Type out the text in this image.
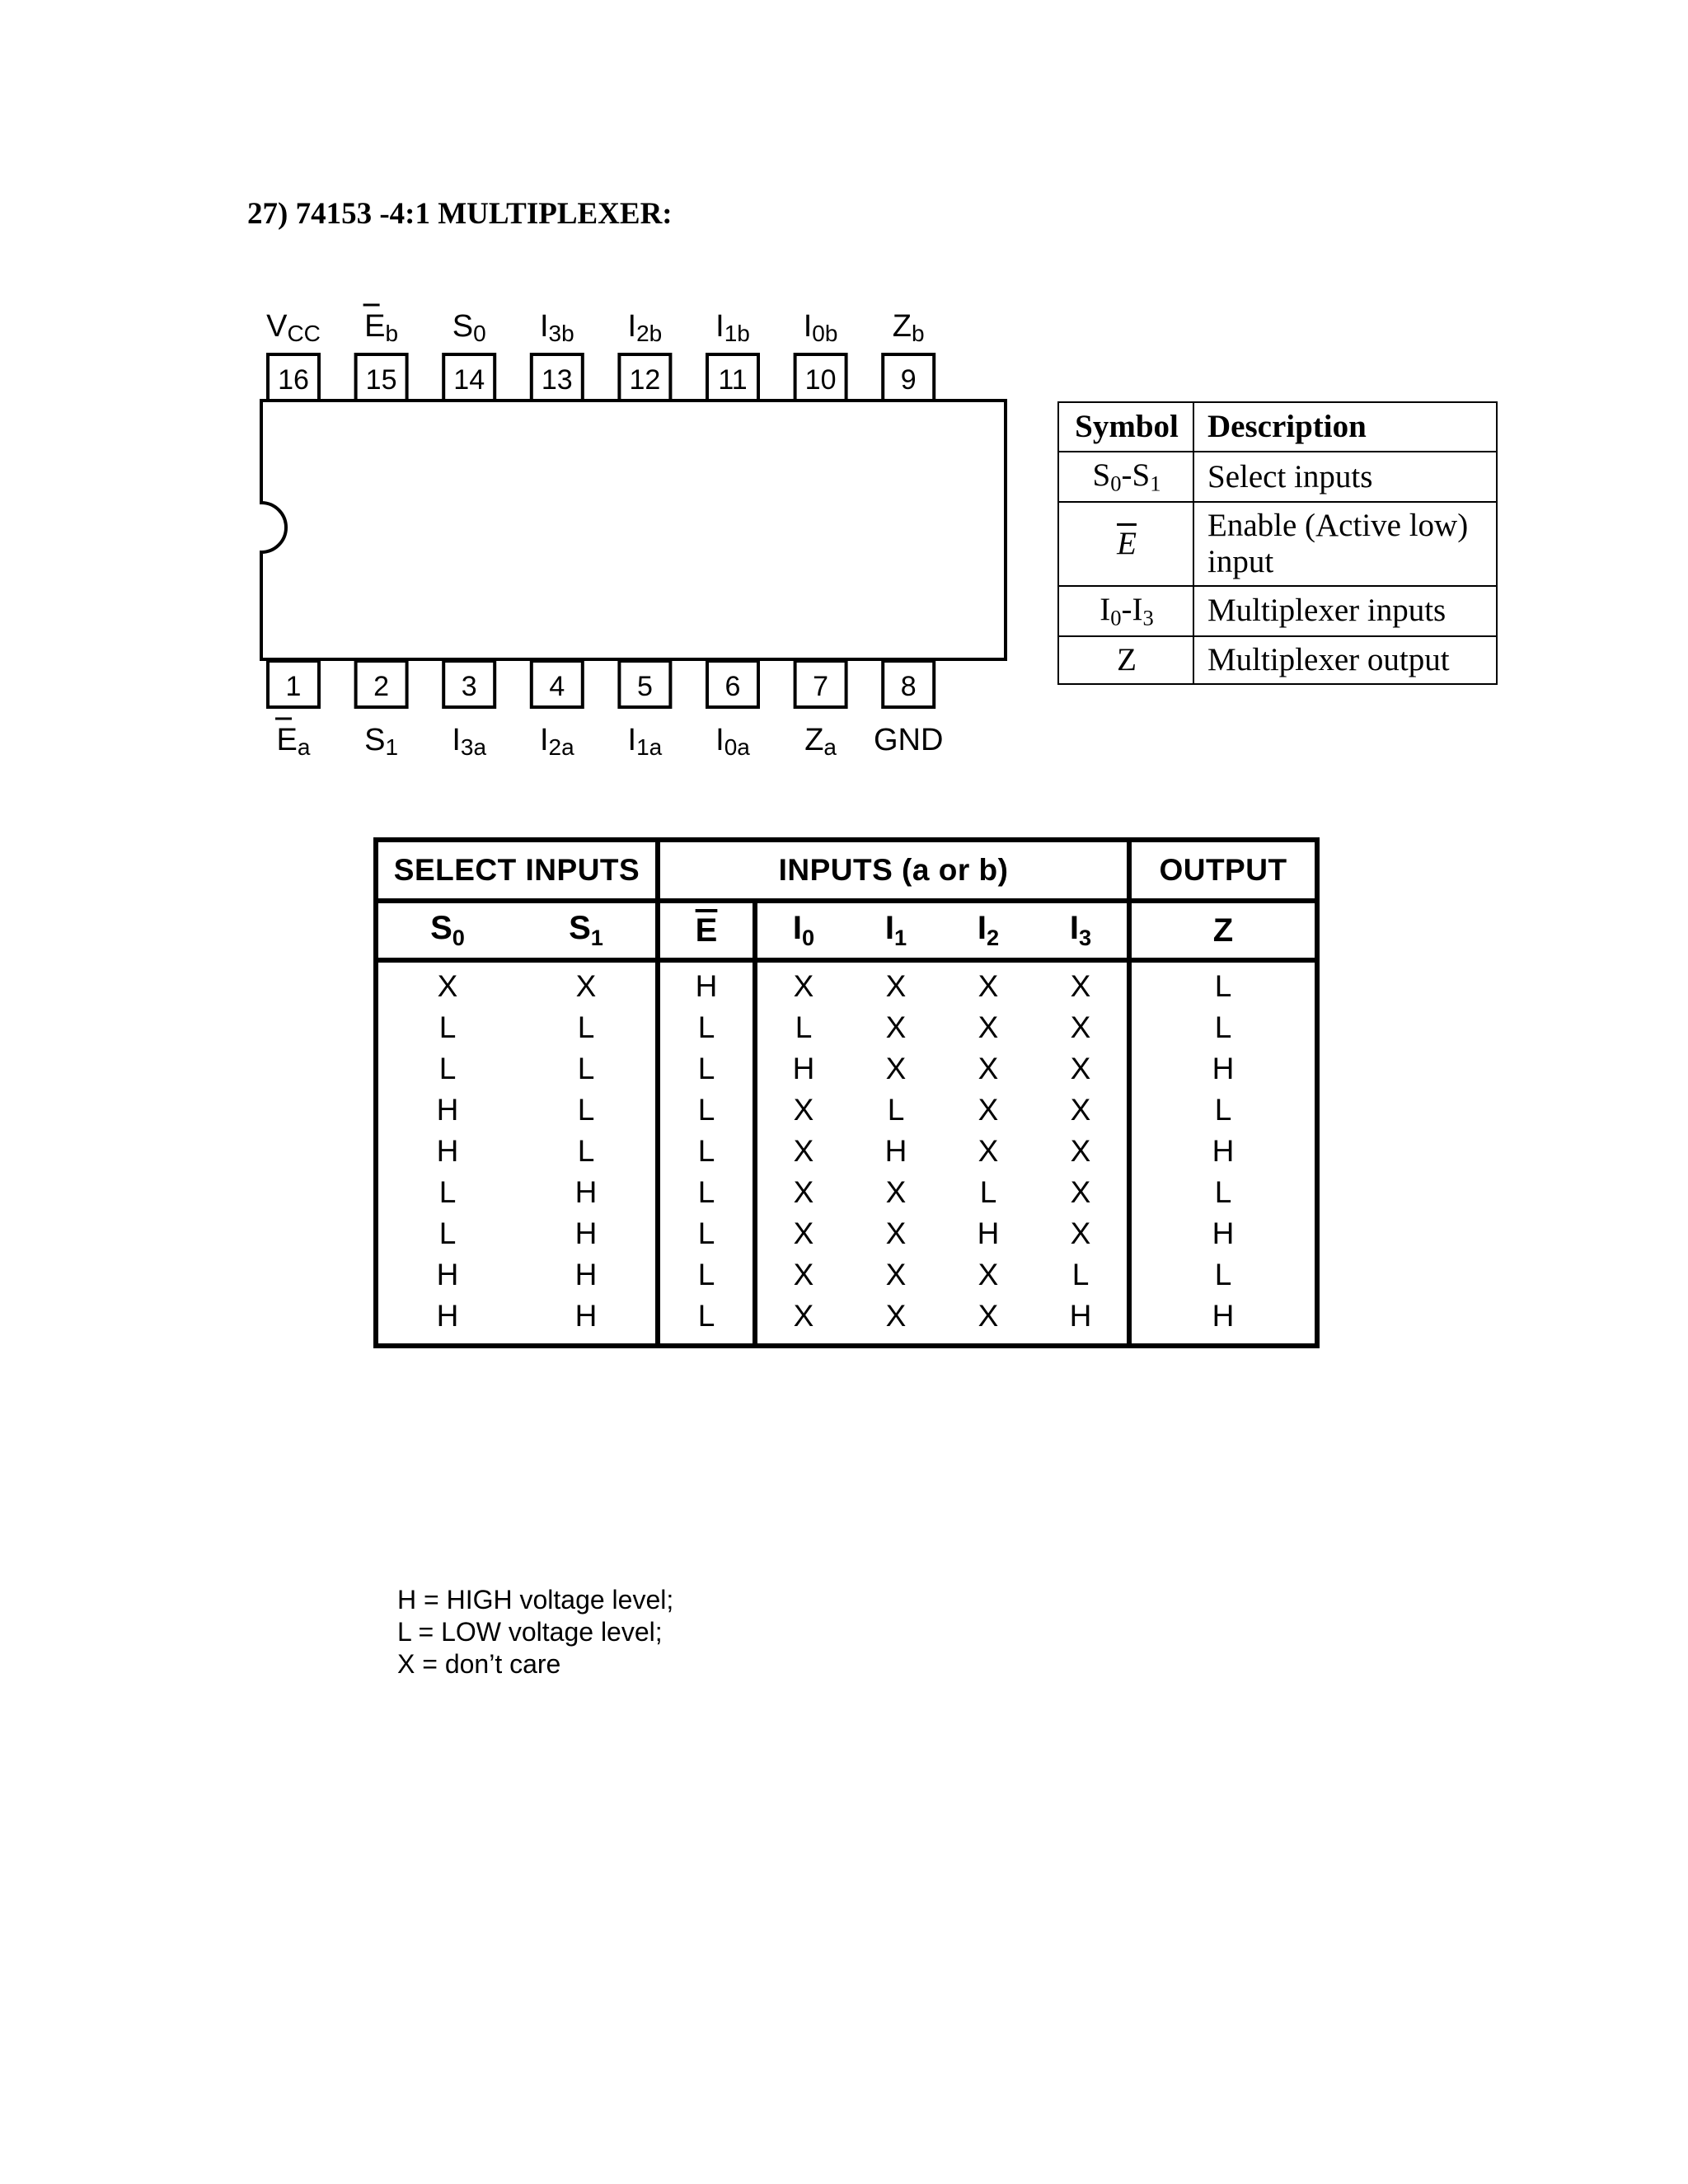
27) 74153 -4:1 MULTIPLEXER:
16
VCC
15
Eb
14
S0
13
I3b
12
I2b
11
I1b
10
I0b
9
Zb
1
Ea
2
S1
3
I3a
4
I2a
5
I1a
6
I0a
7
Za
8
GND
Symbol	Description
$S_0-S_1$	Select inputs
$\overline{E}$	Enable (Active low) input
$I_0-I_3$	Multiplexer inputs
Z	Multiplexer output
SELECT INPUTS		INPUTS (a or b)					OUTPUT
$S_0$	$S_1$	$\overline{E}$	$I_0$	$I_1$	$I_2$	$I_3$	Z
X	X	H	X	X	X	X	L
L	L	L	L	X	X	X	L
L	L	L	H	X	X	X	H
H	L	L	X	L	X	X	L
H	L	L	X	H	X	X	H
L	H	L	X	X	L	X	L
L	H	L	X	X	H	X	H
H	H	L	X	X	X	L	L
H	H	L	X	X	X	H	H
H = HIGH voltage level;
L = LOW voltage level;
X = don’t care
